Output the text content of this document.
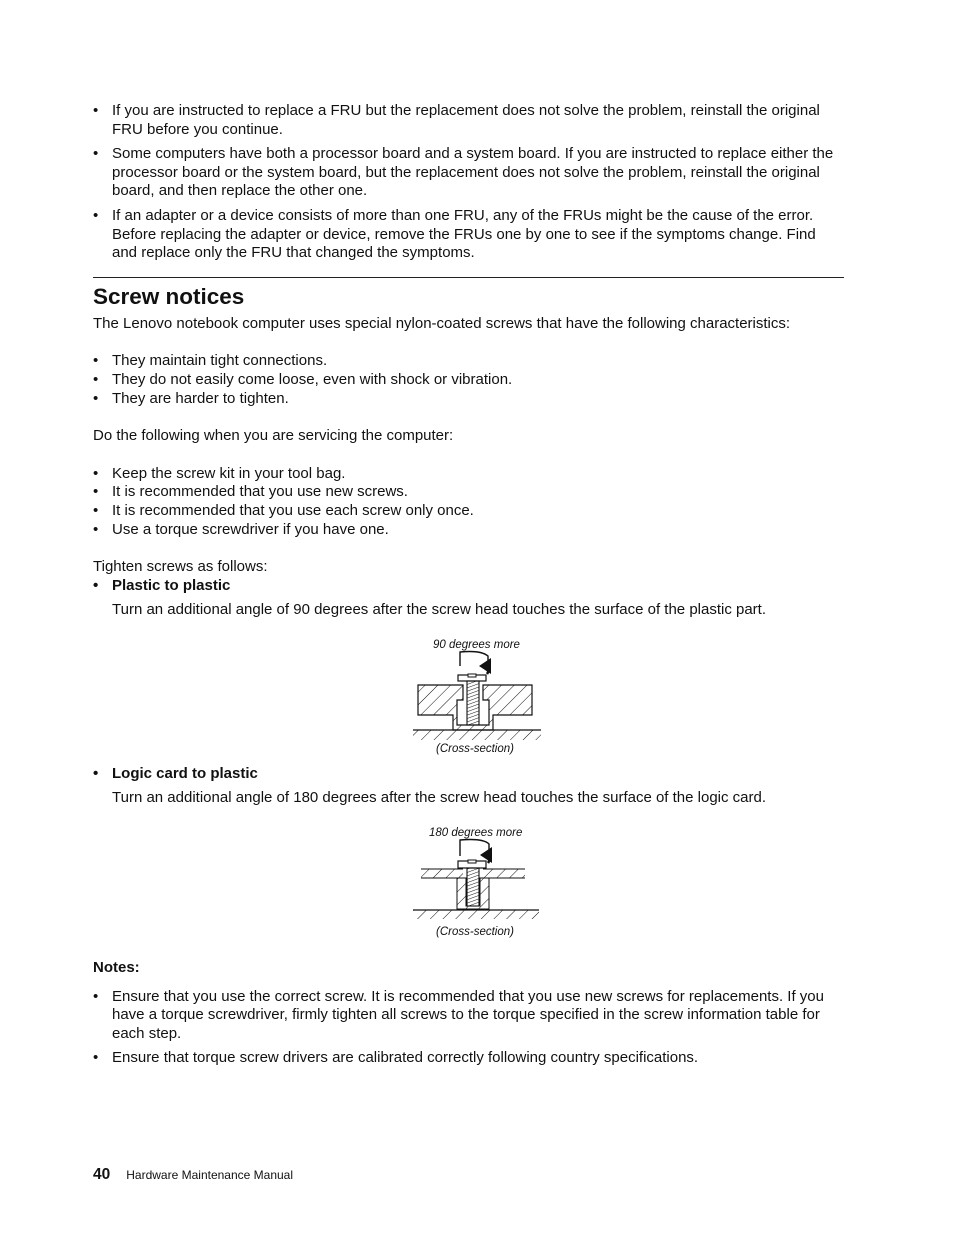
• If you are instructed to replace a FRU but the replacement does not solve the problem, reinstall the original FRU before you continue.
• Some computers have both a processor board and a system board. If you are instructed to replace either the processor board or the system board, but the replacement does not solve the problem, reinstall the original board, and then replace the other one.
• If an adapter or a device consists of more than one FRU, any of the FRUs might be the cause of the error. Before replacing the adapter or device, remove the FRUs one by one to see if the symptoms change. Find and replace only the FRU that changed the symptoms.
Screw notices

The Lenovo notebook computer uses special nylon-coated screws that have the following characteristics:

• They maintain tight connections.
• They do not easily come loose, even with shock or vibration.
• They are harder to tighten.

Do the following when you are servicing the computer:

• Keep the screw kit in your tool bag.
• It is recommended that you use new screws.
• It is recommended that you use each screw only once.
• Use a torque screwdriver if you have one.

Tighten screws as follows:

• Plastic to plastic

Turn an additional angle of 90 degrees after the screw head touches the surface of the plastic part.

90 degrees more
(Cross-section)
• Logic card to plastic

Turn an additional angle of 180 degrees after the screw head touches the surface of the logic card.

180 degrees more
(Cross-section)

Notes:

• Ensure that you use the correct screw. It is recommended that you use new screws for replacements. If you have a torque screwdriver, firmly tighten all screws to the torque specified in the screw information table for each step.
• Ensure that torque screw drivers are calibrated correctly following country specifications.
40 Hardware Maintenance Manual
